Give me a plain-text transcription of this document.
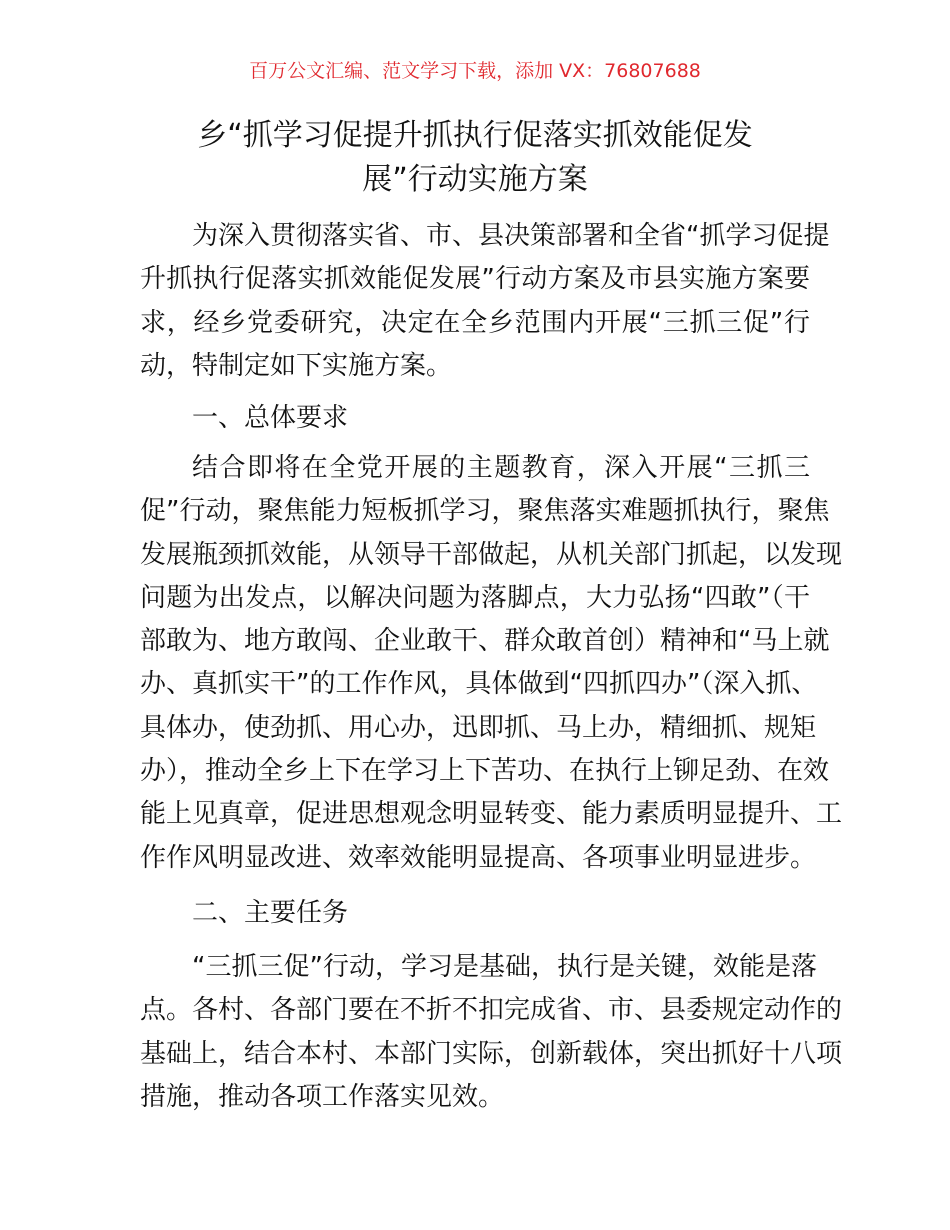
百万公文汇编、范文学习下载，添加 VX：76807688
乡“抓学习促提升抓执行促落实抓效能促发
展”行动实施方案
为深入贯彻落实省、市、县决策部署和全省“抓学习促提
升抓执行促落实抓效能促发展”行动方案及市县实施方案要
求，经乡党委研究，决定在全乡范围内开展“三抓三促”行
动，特制定如下实施方案。
一、总体要求
结合即将在全党开展的主题教育，深入开展“三抓三
促”行动，聚焦能力短板抓学习，聚焦落实难题抓执行，聚焦
发展瓶颈抓效能，从领导干部做起，从机关部门抓起，以发现
问题为出发点，以解决问题为落脚点，大力弘扬“四敢”（干
部敢为、地方敢闯、企业敢干、群众敢首创）精神和“马上就
办、真抓实干”的工作作风，具体做到“四抓四办”（深入抓、
具体办，使劲抓、用心办，迅即抓、马上办，精细抓、规矩
办），推动全乡上下在学习上下苦功、在执行上铆足劲、在效
能上见真章，促进思想观念明显转变、能力素质明显提升、工
作作风明显改进、效率效能明显提高、各项事业明显进步。
二、主要任务
“三抓三促”行动，学习是基础，执行是关键，效能是落
点。各村、各部门要在不折不扣完成省、市、县委规定动作的
基础上，结合本村、本部门实际，创新载体，突出抓好十八项
措施，推动各项工作落实见效。
